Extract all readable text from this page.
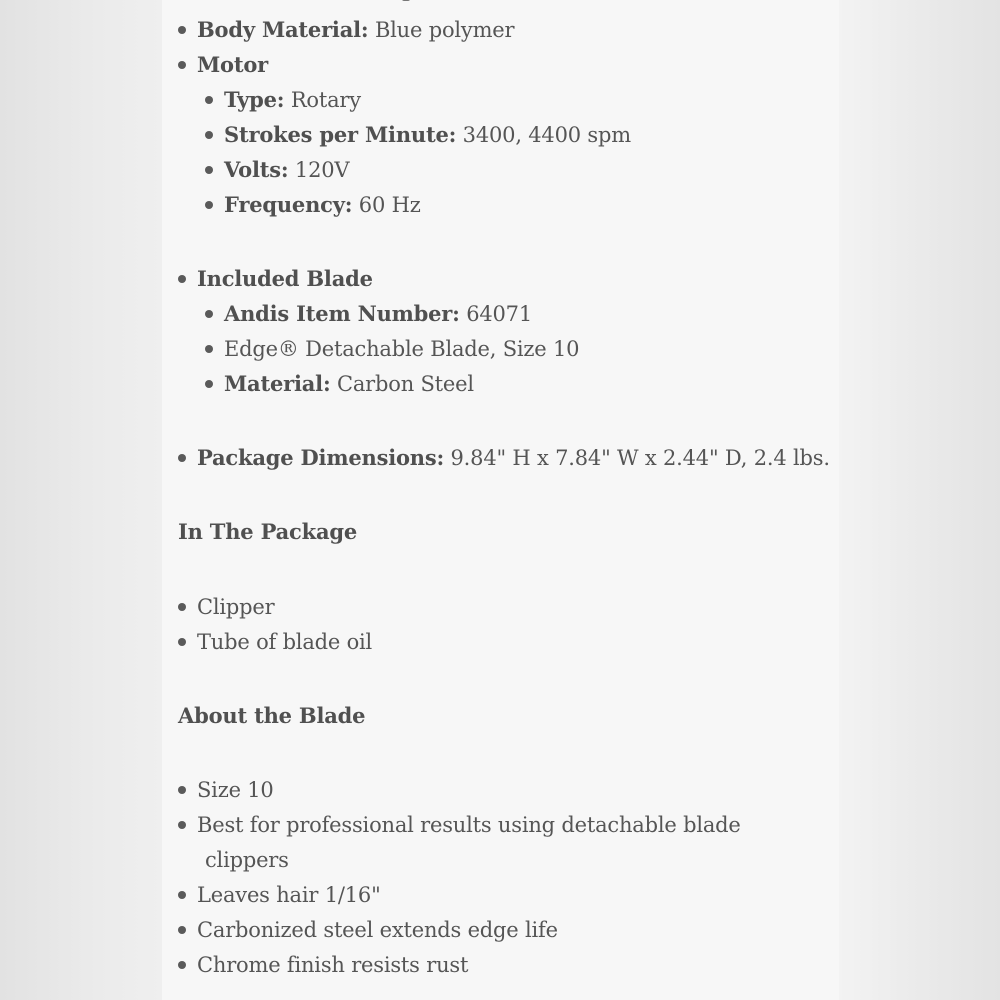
Body Material: Blue polymer
Motor
Type: Rotary
Strokes per Minute: 3400, 4400 spm
Volts: 120V
Frequency: 60 Hz
Included Blade
Andis Item Number: 64071
Edge® Detachable Blade, Size 10
Material: Carbon Steel
Package Dimensions: 9.84" H x 7.84" W x 2.44" D, 2.4 lbs.
In The Package
Clipper
Tube of blade oil
About the Blade
Size 10
Best for professional results using detachable blade
clippers
Leaves hair 1/16"
Carbonized steel extends edge life
Chrome finish resists rust
